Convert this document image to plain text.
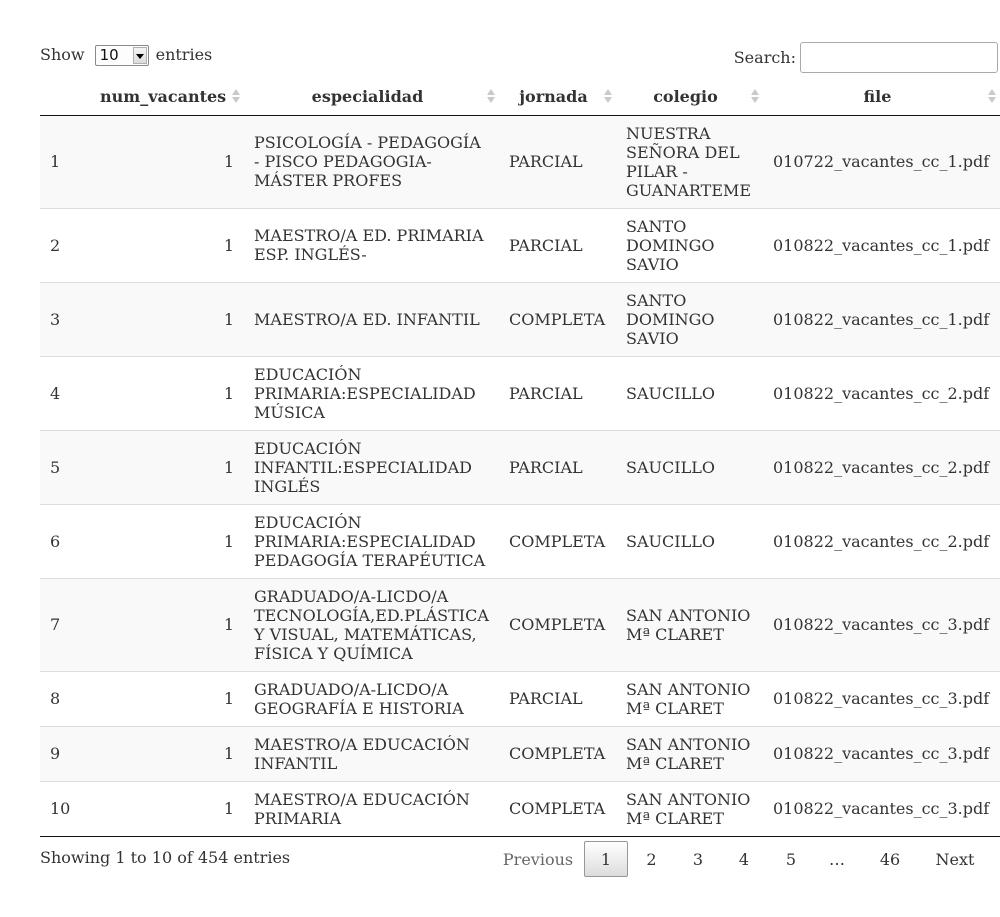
Show 10 entries	Search:
	num_vacantes	especialidad	jornada	colegio	file

1	1	PSICOLOGÍA - PEDAGOGÍA - PISCO PEDAGOGIA- MÁSTER PROFES	PARCIAL	NUESTRA SEÑORA DEL PILAR - GUANARTEME	010722_vacantes_cc_1.pdf
2	1	MAESTRO/A ED. PRIMARIA ESP. INGLÉS-	PARCIAL	SANTO DOMINGO SAVIO	010822_vacantes_cc_1.pdf
3	1	MAESTRO/A ED. INFANTIL	COMPLETA	SANTO DOMINGO SAVIO	010822_vacantes_cc_1.pdf
4	1	EDUCACIÓN PRIMARIA:ESPECIALIDAD MÚSICA	PARCIAL	SAUCILLO	010822_vacantes_cc_2.pdf
5	1	EDUCACIÓN INFANTIL:ESPECIALIDAD INGLÉS	PARCIAL	SAUCILLO	010822_vacantes_cc_2.pdf
6	1	EDUCACIÓN PRIMARIA:ESPECIALIDAD PEDAGOGÍA TERAPÉUTICA	COMPLETA	SAUCILLO	010822_vacantes_cc_2.pdf
7	1	GRADUADO/A-LICDO/A TECNOLOGÍA,ED.PLÁSTICA Y VISUAL, MATEMÁTICAS, FÍSICA Y QUÍMICA	COMPLETA	SAN ANTONIO Mª CLARET	010822_vacantes_cc_3.pdf
8	1	GRADUADO/A-LICDO/A GEOGRAFÍA E HISTORIA	PARCIAL	SAN ANTONIO Mª CLARET	010822_vacantes_cc_3.pdf
9	1	MAESTRO/A EDUCACIÓN INFANTIL	COMPLETA	SAN ANTONIO Mª CLARET	010822_vacantes_cc_3.pdf
10	1	MAESTRO/A EDUCACIÓN PRIMARIA	COMPLETA	SAN ANTONIO Mª CLARET	010822_vacantes_cc_3.pdf
Showing 1 to 10 of 454 entries	Previous	1	2	3	4	5	…	46	Next
